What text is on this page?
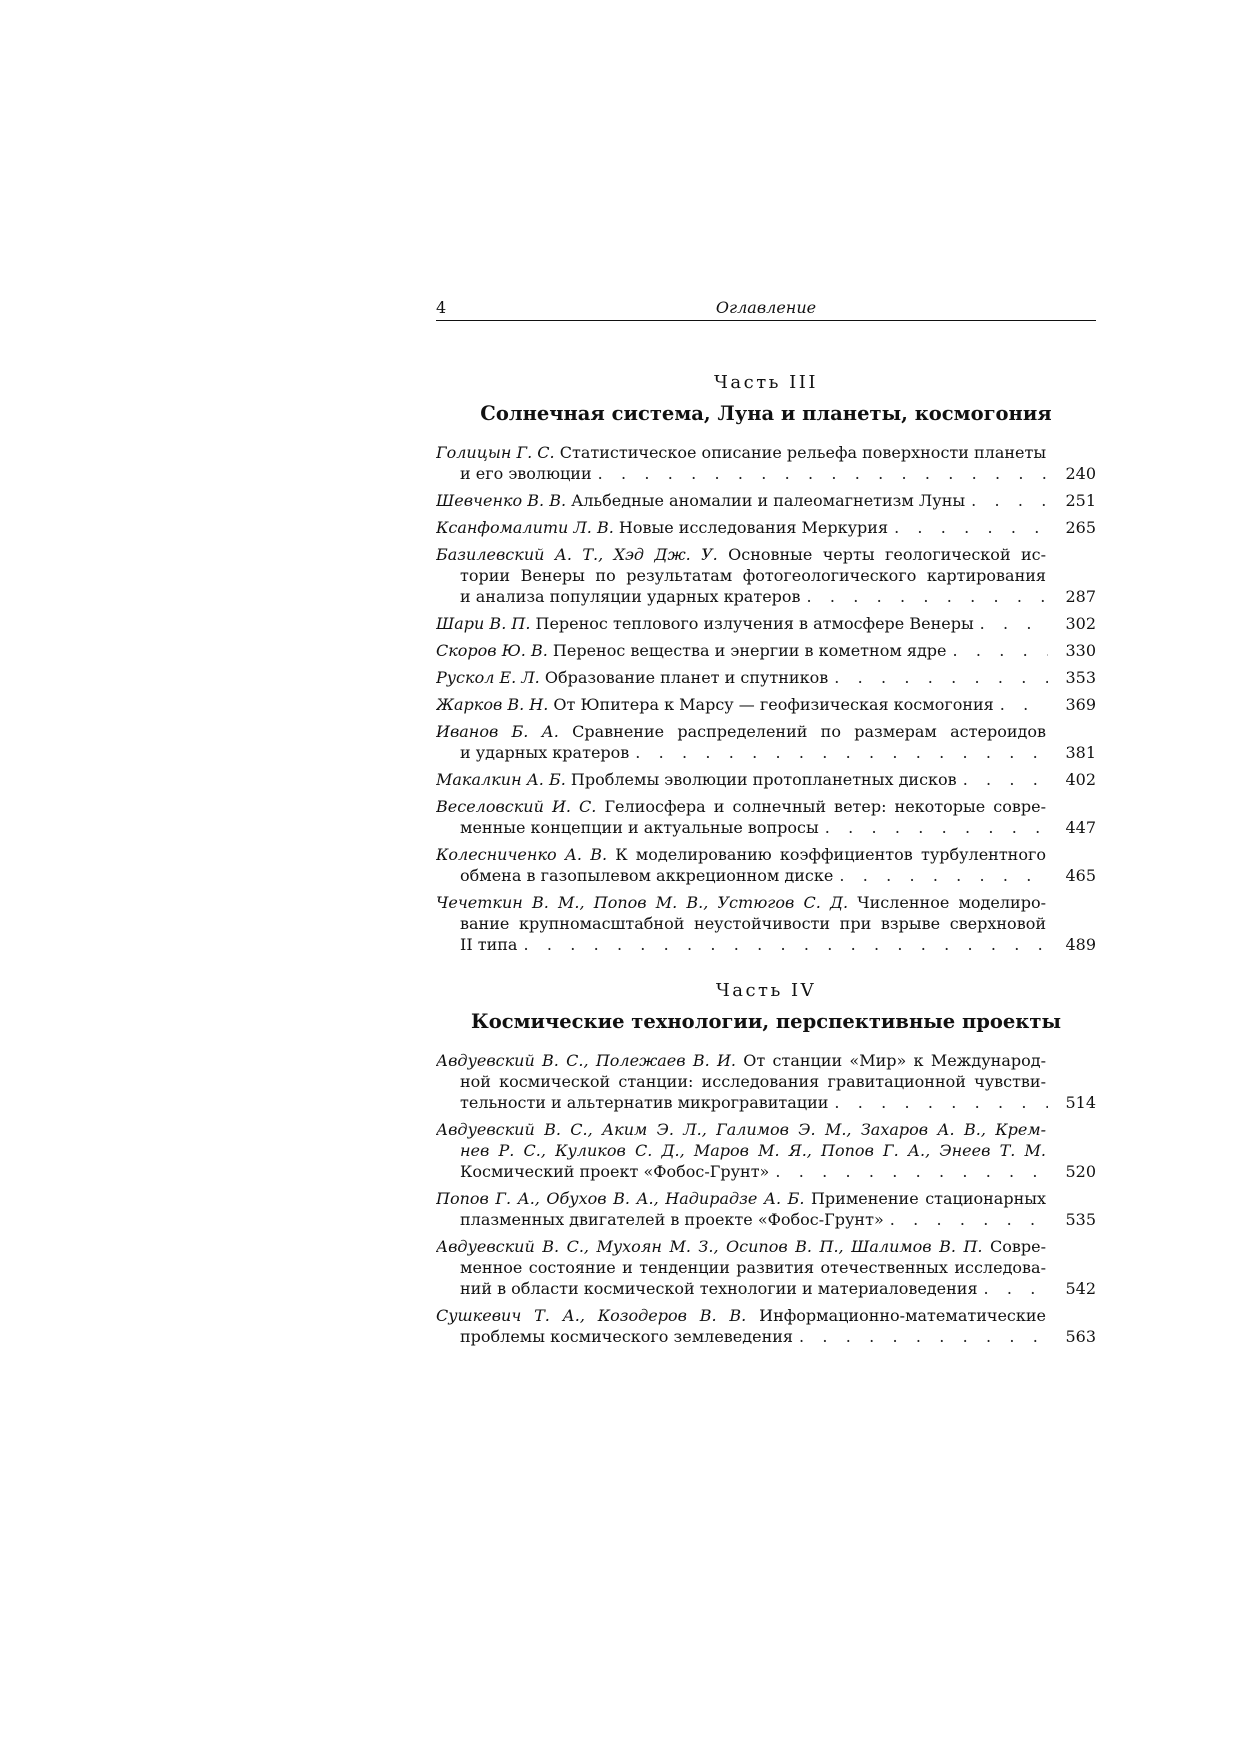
4	Оглавление
Часть III
Солнечная система, Луна и планеты, космогония
Голицын Г. С. Статистическое описание рельефа поверхности планеты
и его эволюции . . .	240
Шевченко В. В. Альбедные аномалии и палеомагнетизм Луны . . .	251
Ксанфомалити Л. В. Новые исследования Меркурия . . .	265
Базилевский А. Т., Хэд Дж. У. Основные черты геологической ис-
тории Венеры по результатам фотогеологического картирования
и анализа популяции ударных кратеров . . .	287
Шари В. П. Перенос теплового излучения в атмосфере Венеры . . .	302
Скоров Ю. В. Перенос вещества и энергии в кометном ядре . . .	330
Рускол Е. Л. Образование планет и спутников . . .	353
Жарков В. Н. От Юпитера к Марсу — геофизическая космогония . . .	369
Иванов Б. А. Сравнение распределений по размерам астероидов
и ударных кратеров . . .	381
Макалкин А. Б. Проблемы эволюции протопланетных дисков . . .	402
Веселовский И. С. Гелиосфера и солнечный ветер: некоторые совре-
менные концепции и актуальные вопросы . . .	447
Колесниченко А. В. К моделированию коэффициентов турбулентного
обмена в газопылевом аккреционном диске . . .	465
Чечеткин В. М., Попов М. В., Устюгов С. Д. Численное моделиро-
вание крупномасштабной неустойчивости при взрыве сверхновой
II типа . . .	489
Часть IV
Космические технологии, перспективные проекты
Авдуевский В. С., Полежаев В. И. От станции «Мир» к Международ-
ной космической станции: исследования гравитационной чувстви-
тельности и альтернатив микрогравитации . . .	514
Авдуевский В. С., Аким Э. Л., Галимов Э. М., Захаров А. В., Крем-
нев Р. С., Куликов С. Д., Маров М. Я., Попов Г. А., Энеев Т. М.
Космический проект «Фобос-Грунт» . . .	520
Попов Г. А., Обухов В. А., Надирадзе А. Б. Применение стационарных
плазменных двигателей в проекте «Фобос-Грунт» . . .	535
Авдуевский В. С., Мухоян М. З., Осипов В. П., Шалимов В. П. Совре-
менное состояние и тенденции развития отечественных исследова-
ний в области космической технологии и материаловедения . . .	542
Сушкевич Т. А., Козодеров В. В. Информационно-математические
проблемы космического землеведения . . .	563
